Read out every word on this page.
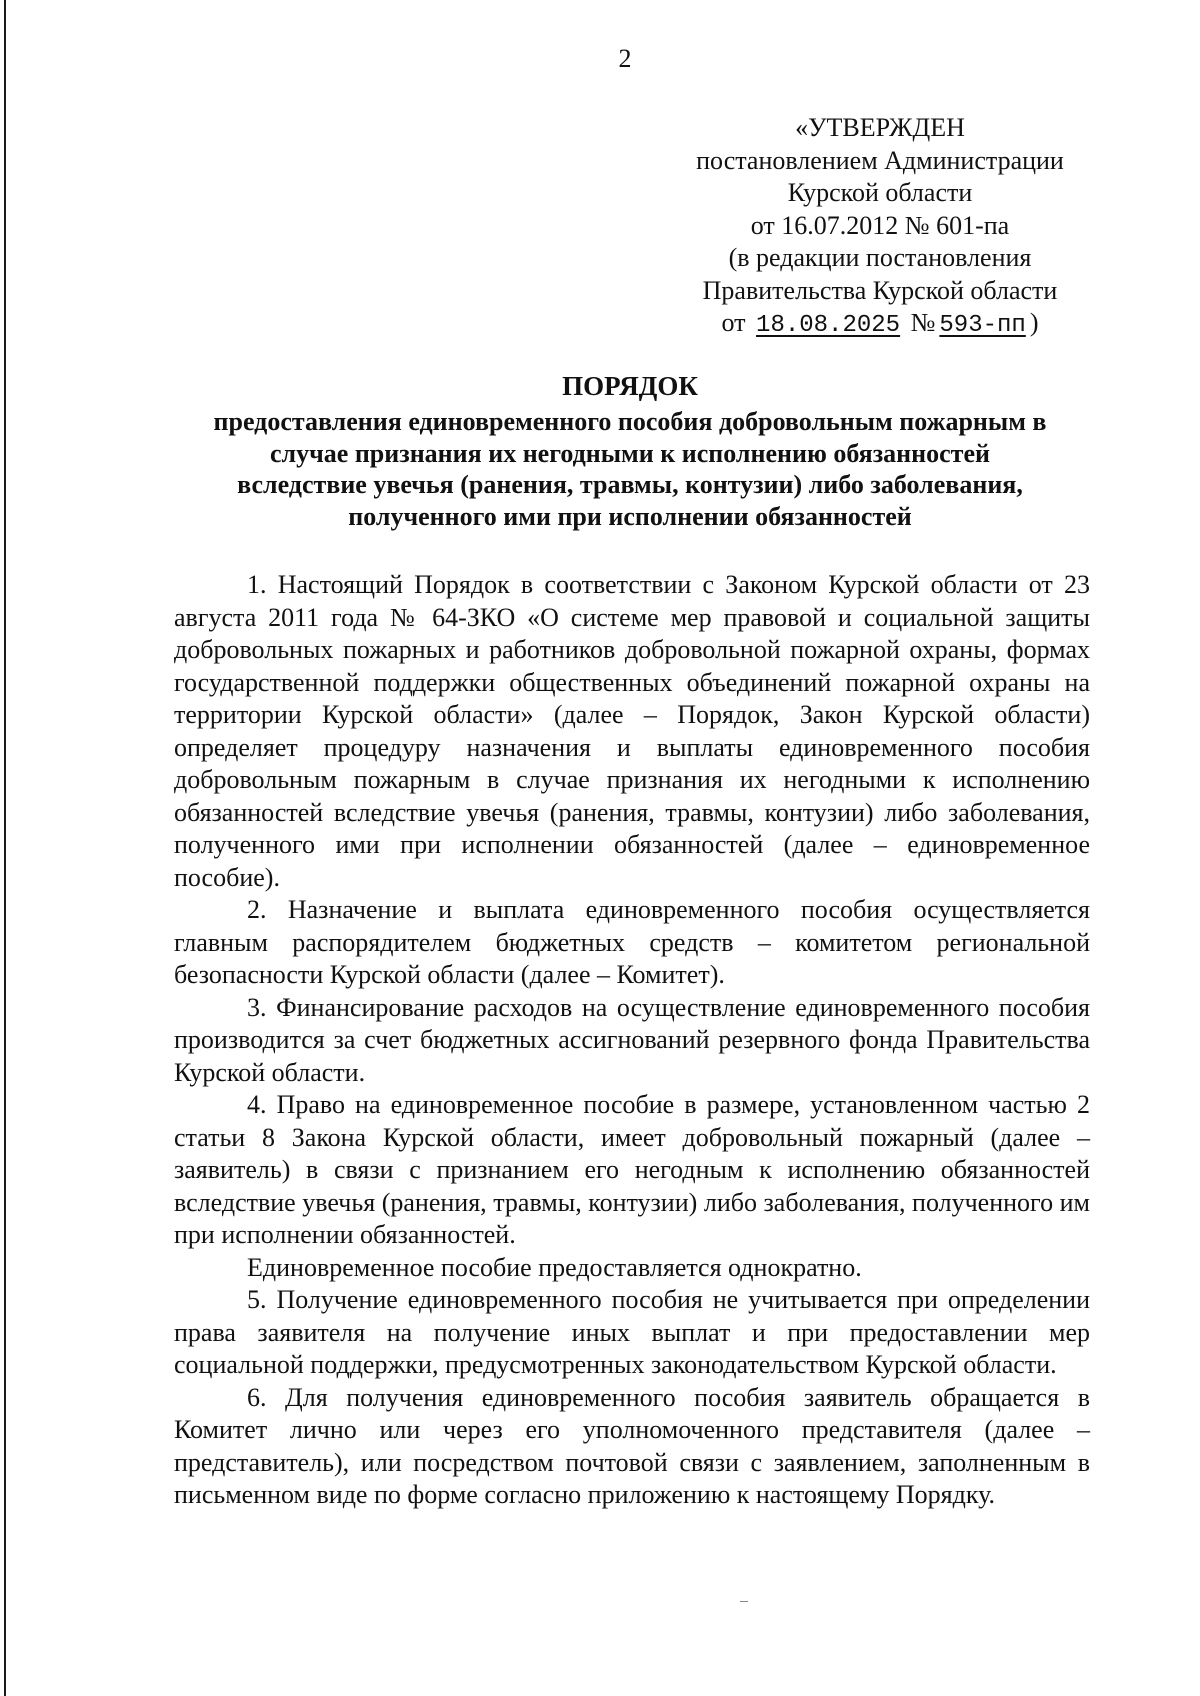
2
«УТВЕРЖДЕН
постановлением Администрации
Курской области
от 16.07.2012 № 601-па
(в редакции постановления
Правительства Курской области
от 18.08.2025 № 593-пп )
ПОРЯДОК
предоставления единовременного пособия добровольным пожарным в
случае признания их негодными к исполнению обязанностей
вследствие увечья (ранения, травмы, контузии) либо заболевания,
полученного ими при исполнении обязанностей

1. Настоящий Порядок в соответствии с Законом Курской области от 23 августа 2011 года № 64-ЗКО «О системе мер правовой и социальной защиты добровольных пожарных и работников добровольной пожарной охраны, формах государственной поддержки общественных объединений пожарной охраны на территории Курской области» (далее – Порядок, Закон Курской области) определяет процедуру назначения и выплаты единовременного пособия добровольным пожарным в случае признания их негодными к исполнению обязанностей вследствие увечья (ранения, травмы, контузии) либо заболевания, полученного ими при исполнении обязанностей (далее – единовременное пособие).

2. Назначение и выплата единовременного пособия осуществляется главным распорядителем бюджетных средств – комитетом региональной безопасности Курской области (далее – Комитет).

3. Финансирование расходов на осуществление единовременного пособия производится за счет бюджетных ассигнований резервного фонда Правительства Курской области.

4. Право на единовременное пособие в размере, установленном частью 2 статьи 8 Закона Курской области, имеет добровольный пожарный (далее – заявитель) в связи с признанием его негодным к исполнению обязанностей вследствие увечья (ранения, травмы, контузии) либо заболевания, полученного им при исполнении обязанностей.

Единовременное пособие предоставляется однократно.

5. Получение единовременного пособия не учитывается при определении права заявителя на получение иных выплат и при предоставлении мер социальной поддержки, предусмотренных законодательством Курской области.

6. Для получения единовременного пособия заявитель обращается в Комитет лично или через его уполномоченного представителя (далее – представитель), или посредством почтовой связи с заявлением, заполненным в письменном виде по форме согласно приложению к настоящему Порядку.
